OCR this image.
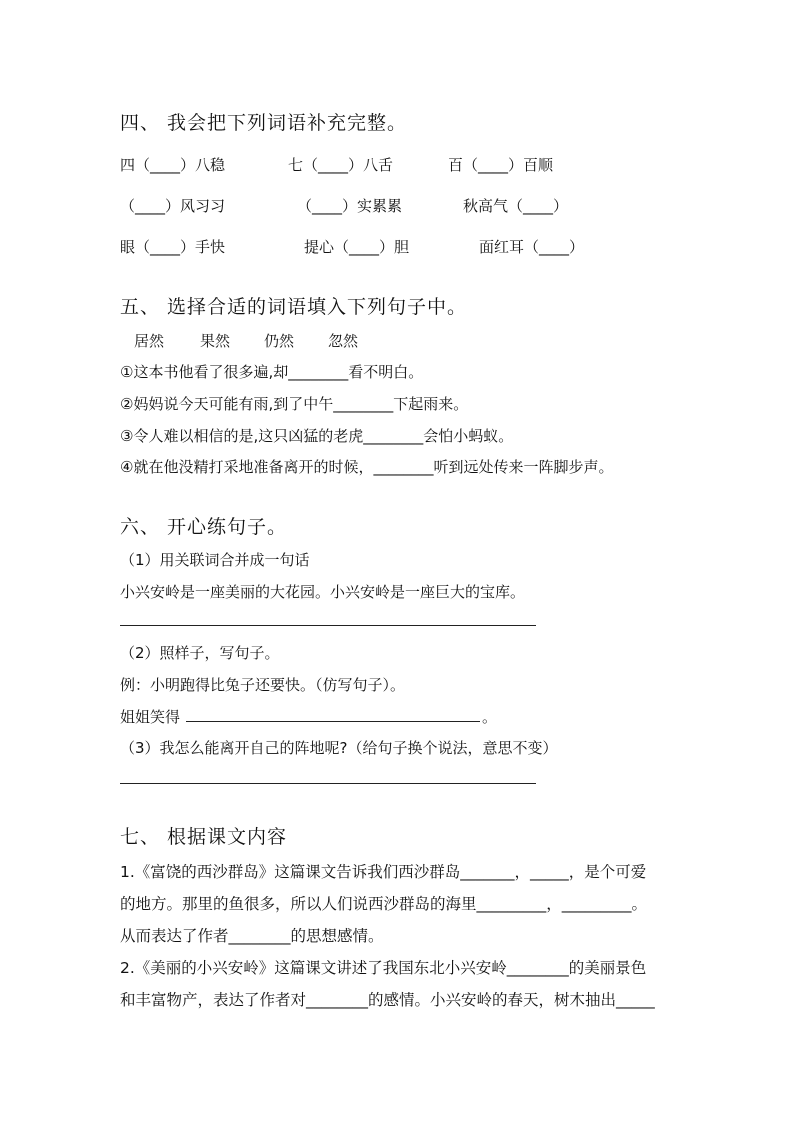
四、 我会把下列词语补充完整。
四（____）八稳	七（____）八舌	百（____）百顺
（____）风习习	（____）实累累	秋高气（____）
眼（____）手快	提心（____）胆	面红耳（____）
五、 选择合适的词语填入下列句子中。
居然 果然 仍然 忽然
①这本书他看了很多遍,却________看不明白。
②妈妈说今天可能有雨,到了中午________下起雨来。
③令人难以相信的是,这只凶猛的老虎________会怕小蚂蚁。
④就在他没精打采地准备离开的时候，________听到远处传来一阵脚步声。
六、 开心练句子。
（1）用关联词合并成一句话
小兴安岭是一座美丽的大花园。小兴安岭是一座巨大的宝库。
（2）照样子，写句子。
例：小明跑得比兔子还要快。（仿写句子）。
姐姐笑得	。
（3）我怎么能离开自己的阵地呢?（给句子换个说法，意思不变）
七、 根据课文内容
1.《富饶的西沙群岛》这篇课文告诉我们西沙群岛_______，_____，是个可爱
的地方。那里的鱼很多，所以人们说西沙群岛的海里_________，_________。
从而表达了作者________的思想感情。
2.《美丽的小兴安岭》这篇课文讲述了我国东北小兴安岭________的美丽景色
和丰富物产，表达了作者对________的感情。小兴安岭的春天，树木抽出_____
